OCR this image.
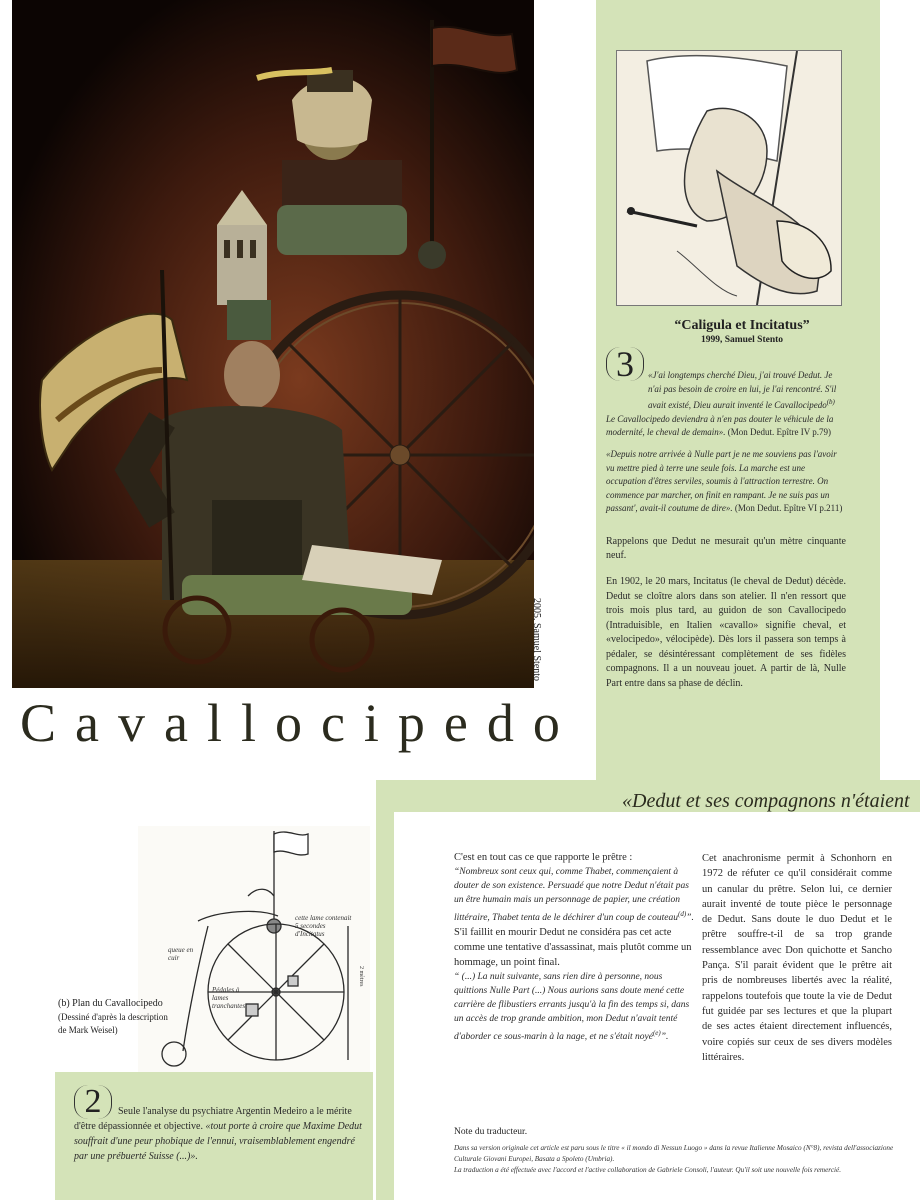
2005, Samuel Stento
Cavallocipedo
“Caligula et Incitatus”
1999, Samuel Stento
3	«J'ai longtemps cherché Dieu, j'ai trouvé Dedut. Je n'ai pas besoin de croire en lui, je l'ai rencontré. S'il avait existé, Dieu aurait inventé le Cavallocipedo$^{(b)}$
Le Cavallocipedo deviendra à n'en pas douter le véhicule de la modernité, le cheval de demain». (Mon Dedut. Epître IV p.79)
«Depuis notre arrivée à Nulle part je ne me souviens pas l'avoir vu mettre pied à terre une seule fois. La marche est une occupation d'êtres serviles, soumis à l'attraction terrestre. On commence par marcher, on finit en rampant. Je ne suis pas un passant', avait-il coutume de dire». (Mon Dedut. Epître VI p.211)
Rappelons que Dedut ne mesurait qu'un mètre cinquante neuf.
En 1902, le 20 mars, Incitatus (le cheval de Dedut) décède. Dedut se cloître alors dans son atelier. Il n'en ressort que trois mois plus tard, au guidon de son Cavallocipedo (Intraduisible, en Italien «cavallo» signifie cheval, et «velocipedo», vélocipède). Dès lors il passera son temps à pédaler, se désintéressant complètement de ses fidèles compagnons. Il a un nouveau jouet. A partir de là, Nulle Part entre dans sa phase de déclin.
«Dedut et ses compagnons n'étaient
cette lame contenait 5 secondes d'Incitatus
queue en cuir
Pédales à lames tranchantes
2 mètres
(b) Plan du Cavallocipedo
(Dessiné d'après la description de Mark Weisel)
2	Seule l'analyse du psychiatre Argentin Medeiro a le mérite d'être dépassionnée et objective. «tout porte à croire que Maxime Dedut souffrait d'une peur phobique de l'ennui, vraisemblablement engendré par une prébuerté Suisse (...)».
C'est en tout cas ce que rapporte le prêtre :
“Nombreux sont ceux qui, comme Thabet, commençaient à douter de son existence. Persuadé que notre Dedut n'était pas un être humain mais un personnage de papier, une création littéraire, Thabet tenta de le déchirer d'un coup de couteau$^{(d)}$”.
S'il faillit en mourir Dedut ne considéra pas cet acte comme une tentative d'assassinat, mais plutôt comme un hommage, un point final.
“ (...) La nuit suivante, sans rien dire à personne, nous quittions Nulle Part (...) Nous aurions sans doute mené cette carrière de flibustiers errants jusqu'à la fin des temps si, dans un accès de trop grande ambition, mon Dedut n'avait tenté d'aborder ce sous-marin à la nage, et ne s'était noyé$^{(e)}$”.
Cet anachronisme permit à Schonhorn en 1972 de réfuter ce qu'il considérait comme un canular du prêtre. Selon lui, ce dernier aurait inventé de toute pièce le personnage de Dedut. Sans doute le duo Dedut et le prêtre souffre-t-il de sa trop grande ressemblance avec Don quichotte et Sancho Pança. S'il parait évident que le prêtre ait pris de nombreuses libertés avec la réalité, rappelons toutefois que toute la vie de Dedut fut guidée par ses lectures et que la plupart de ses actes étaient directement influencés, voire copiés sur ceux de ses divers modèles littéraires.
Note du traducteur.
Dans sa version originale cet article est paru sous le titre « il mondo di Nessun Luogo » dans la revue Italienne Mosaico (N°8), revista dell'associazione Culturale Giovani Europei, Basata a Spoleto (Umbria).
La traduction a été effectuée avec l'accord et l'active collaboration de Gabriele Consoli, l'auteur. Qu'il soit une nouvelle fois remercié.
